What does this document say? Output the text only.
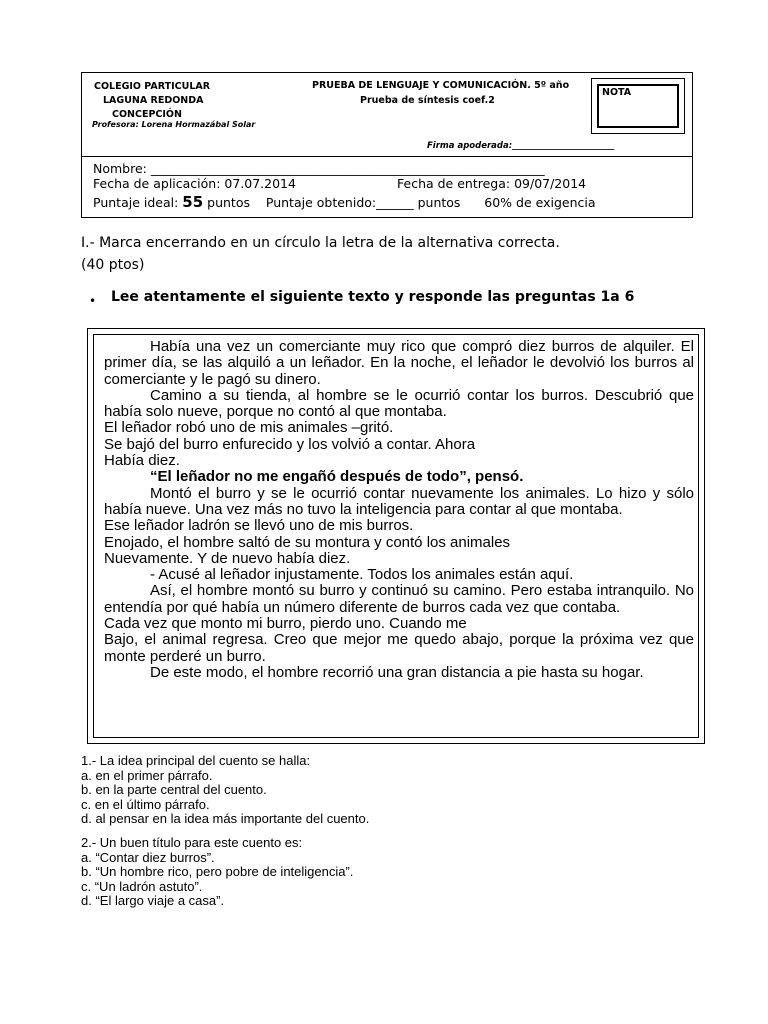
COLEGIO PARTICULAR
LAGUNA REDONDA
CONCEPCIÓN
Profesora: Lorena Hormazábal Solar
PRUEBA DE LENGUAJE Y COMUNICACIÓN. 5º año
Prueba de síntesis coef.2
NOTA
Firma apoderada:________________________
Nombre: _______________________________________________________________
Fecha de aplicación: 07.07.2014	Fecha de entrega: 09/07/2014
Puntaje ideal: 55 puntos    Puntaje obtenido:______ puntos      60% de exigencia
I.- Marca encerrando en un círculo la letra de la alternativa correcta.
(40 ptos)
• Lee atentamente el siguiente texto y responde las preguntas 1a 6

Había una vez un comerciante muy rico que compró diez burros de alquiler. El primer día, se las alquiló a un leñador. En la noche, el leñador le devolvió los burros al comerciante y le pagó su dinero.

Camino a su tienda, al hombre se le ocurrió contar los burros. Descubrió que había solo nueve, porque no contó al que montaba.

El leñador robó uno de mis animales –gritó.

Se bajó del burro enfurecido y los volvió a contar. Ahora

Había diez.

“El leñador no me engañó después de todo”, pensó.

Montó el burro y se le ocurrió contar nuevamente los animales. Lo hizo y sólo había nueve. Una vez más no tuvo la inteligencia para contar al que montaba.

Ese leñador ladrón se llevó uno de mis burros.

Enojado, el hombre saltó de su montura y contó los animales

Nuevamente. Y de nuevo había diez.

- Acusé al leñador injustamente. Todos los animales están aquí.

Así, el hombre montó su burro y continuó su camino. Pero estaba intranquilo. No entendía por qué había un número diferente de burros cada vez que contaba.

Cada vez que monto mi burro, pierdo uno. Cuando me

Bajo, el animal regresa. Creo que mejor me quedo abajo, porque la próxima vez que monte perderé un burro.

De este modo, el hombre recorrió una gran distancia a pie hasta su hogar.

1.- La idea principal del cuento se halla:

a. en el primer párrafo.

b. en la parte central del cuento.

c. en el último párrafo.

d. al pensar en la idea más importante del cuento.

2.- Un buen título para este cuento es:

a. “Contar diez burros”.

b. “Un hombre rico, pero pobre de inteligencia”.

c. “Un ladrón astuto”.

d. “El largo viaje a casa”.
